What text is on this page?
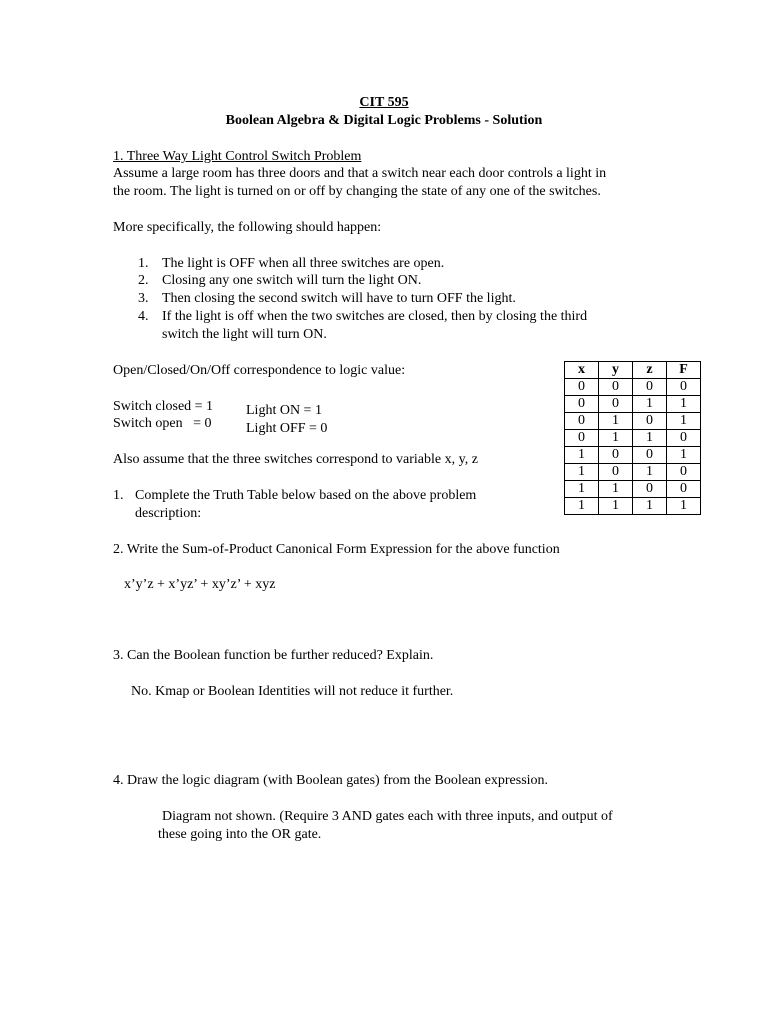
CIT 595
Boolean Algebra & Digital Logic Problems - Solution
1. Three Way Light Control Switch Problem
Assume a large room has three doors and that a switch near each door controls a light in
the room. The light is turned on or off by changing the state of any one of the switches.
More specifically, the following should happen:
1. The light is OFF when all three switches are open.
2. Closing any one switch will turn the light ON.
3. Then closing the second switch will have to turn OFF the light.
4. If the light is off when the two switches are closed, then by closing the third
switch the light will turn ON.
Open/Closed/On/Off correspondence to logic value:
Switch closed = 1
Switch open   = 0
Light ON = 1
Light OFF = 0
Also assume that the three switches correspond to variable x, y, z
1. Complete the Truth Table below based on the above problem
description:
x	y	z	F
0	0	0	0
0	0	1	1
0	1	0	1
0	1	1	0
1	0	0	1
1	0	1	0
1	1	0	0
1	1	1	1
2. Write the Sum-of-Product Canonical Form Expression for the above function
x’y’z + x’yz’ + xy’z’ + xyz
3. Can the Boolean function be further reduced? Explain.
No. Kmap or Boolean Identities will not reduce it further.
4. Draw the logic diagram (with Boolean gates) from the Boolean expression.
Diagram not shown. (Require 3 AND gates each with three inputs, and output of
these going into the OR gate.
